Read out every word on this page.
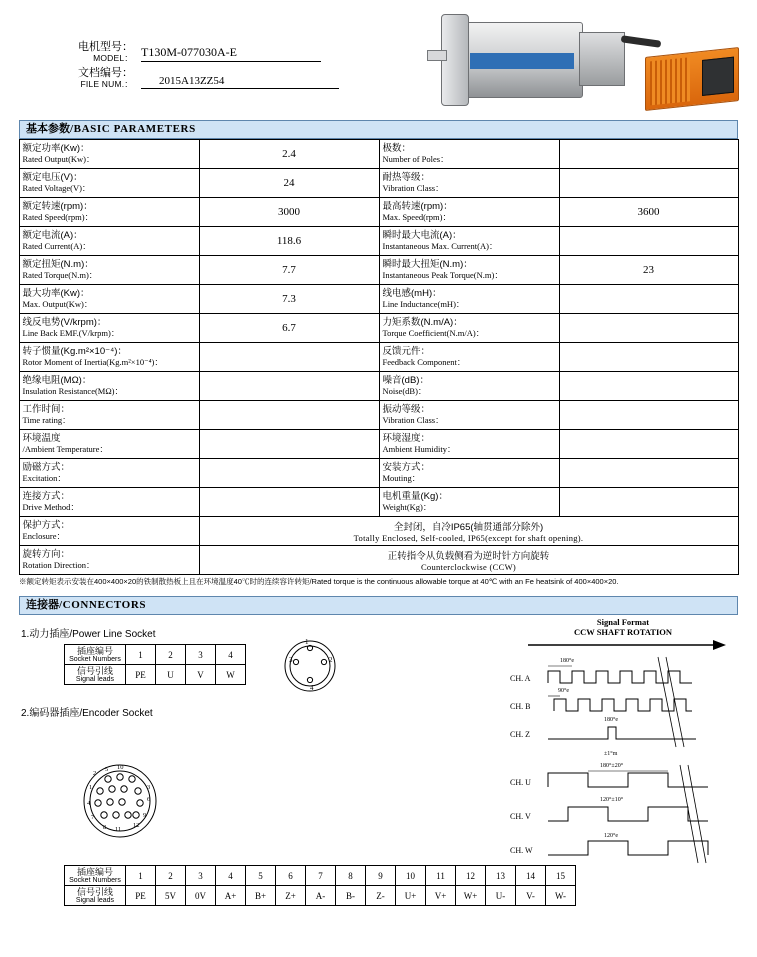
电机型号：
MODEL： T130M-077030A-E
文档编号：
FILE NUM.：	2015A13ZZ54
基本参数/BASIC PARAMETERS
额定功率(Kw)：
Rated Output(Kw)：	2.4	极数：
Number of Poles：	

额定电压(V)：
Rated Voltage(V)：	24	耐热等级：
Vibration Class：	

额定转速(rpm)：
Rated Speed(rpm)：	3000	最高转速(rpm)：
Max. Speed(rpm)：	3600

额定电流(A)：
Rated Current(A)：	118.6	瞬时最大电流(A)：
Instantaneous Max. Current(A)：	

额定扭矩(N.m)：
Rated Torque(N.m)：	7.7	瞬时最大扭矩(N.m)：
Instantaneous Peak Torque(N.m)：	23

最大功率(Kw)：
Max. Output(Kw)：	7.3	线电感(mH)：
Line Inductance(mH)：	

线反电势(V/krpm)：
Line Back EMF.(V/krpm)：	6.7	力矩系数(N.m/A)：
Torque Coefficient(N.m/A)：	

转子惯量(Kg.m²×10⁻⁴)：
Rotor Moment of Inertia(Kg.m²×10⁻⁴)：		反馈元件：
Feedback Component：	

绝缘电阻(MΩ)：
Insulation Resistance(MΩ)：		噪音(dB)：
Noise(dB)：	

工作时间：
Time rating：		振动等级：
Vibration Class：	

环境温度
/Ambient Temperature：		环境湿度：
Ambient Humidity：	

励磁方式：
Excitation：		安装方式：
Mouting：	

连接方式：
Drive Method：		电机重量(Kg)：
Weight(Kg)：	

保护方式：
Enclosure：	全封闭，自冷IP65(轴贯通部分除外)
Totally Enclosed, Self-cooled, IP65(except for shaft opening).		

旋转方向：
Rotation Direction：	正转指令从负载侧看为逆时针方向旋转
Counterclockwise (CCW)		
※额定转矩表示安装在400×400×20的铁制散热板上且在环境温度40℃时的连续容许转矩/Rated torque is the continuous allowable torque at 40℃ with an Fe heatsink of 400×400×20.
连接器/CONNECTORS
1.动力插座/Power Line Socket
插座编号
Socket Numbers	1	2	3	4

信号引线
Signal leads	PE	U	V	W
1
3	2
4
2.编码器插座/Encoder Socket
2
5 10
3
6
9
12
1
4
7
8 11
插座编号
Socket Numbers	1	2	3	4	5	6	7	8	9	10	11	12	13	14	15

信号引线
Signal leads	PE	5V	0V	A+	B+	Z+	A-	B-	Z-	U+	V+	W+	U-	V-	W-
Signal Format
CCW SHAFT ROTATION
CH. A
CH. B
CH. Z
CH. U
CH. V
CH. W
180°e
90°e
180°e
±1°m
180°±20°
120°±10°
120°e
